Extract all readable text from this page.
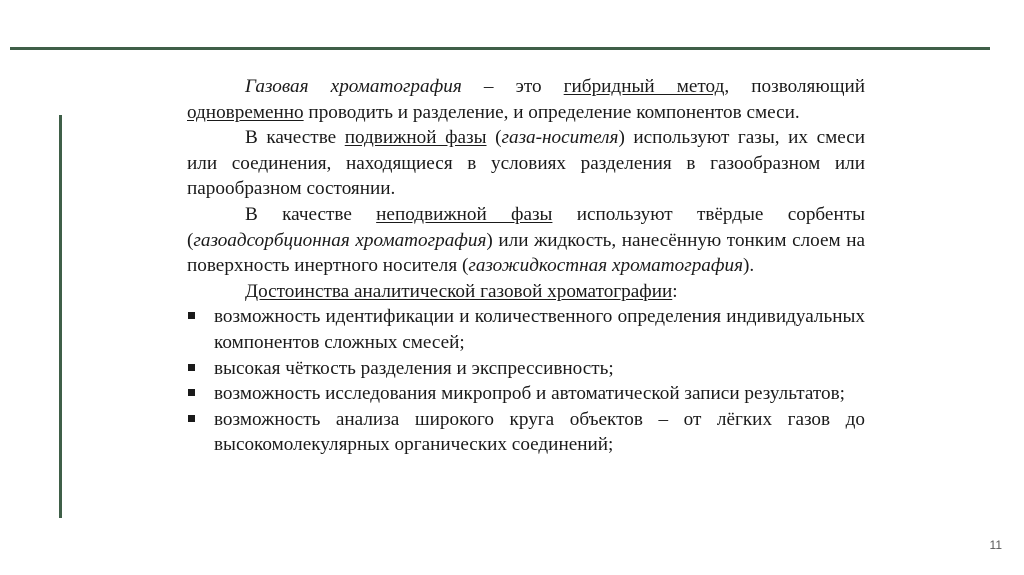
Газовая хроматография – это гибридный метод, позволяющий одновременно проводить и разделение, и определение компонентов смеси.

В качестве подвижной фазы (газа-носителя) используют газы, их смеси или соединения, находящиеся в условиях разделения в газообразном или парообразном состоянии.

В качестве неподвижной фазы используют твёрдые сорбенты (газоадсорбционная хроматография) или жидкость, нанесённую тонким слоем на поверхность инертного носителя (газожидкостная хроматография).

Достоинства аналитической газовой хроматографии:

возможность идентификации и количественного определения индивидуальных компонентов сложных смесей;
высокая чёткость разделения и экспрессивность;
возможность исследования микропроб и автоматической записи результатов;
возможность анализа широкого круга объектов – от лёгких газов до высокомолекулярных органических соединений;
11
